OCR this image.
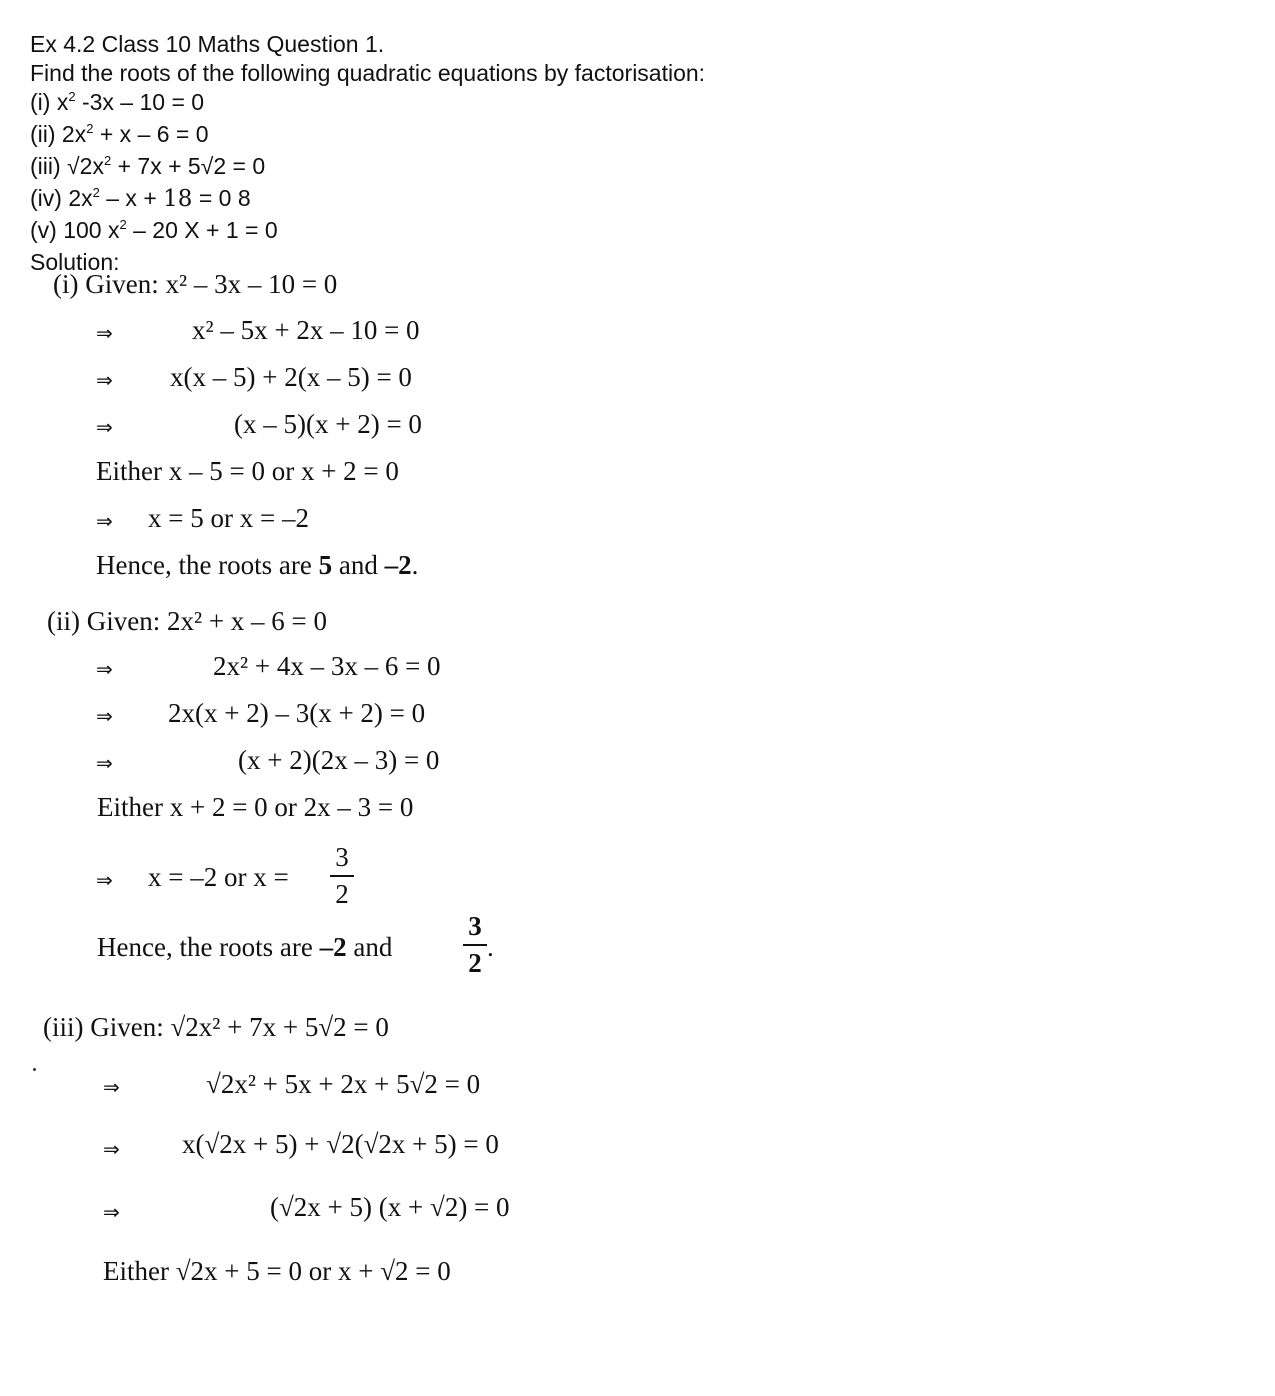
Ex 4.2 Class 10 Maths Question 1.
Find the roots of the following quadratic equations by factorisation:
(i) $x^2$ -3x – 10 = 0
(ii) $2x^2 + x - 6 = 0$
(iii) $√2x^2 + 7x + 5√2 = 0$
(iv) $2x^2 - x + 18 = 0$ 8
(v) 100 $x^2 - 20$ X + 1 = 0
Solution:
(i) Given: x² – 3x – 10 = 0
⇒	x² – 5x + 2x – 10 = 0
⇒ x(x – 5) + 2(x – 5) = 0
⇒	(x – 5)(x + 2) = 0
Either x – 5 = 0 or x + 2 = 0
⇒ x = 5 or x = –2
Hence, the roots are 5 and –2.
(ii) Given: 2x² + x – 6 = 0
⇒	2x² + 4x – 3x – 6 = 0
⇒ 2x(x + 2) – 3(x + 2) = 0
⇒	(x + 2)(2x – 3) = 0
Either x + 2 = 0 or 2x – 3 = 0
⇒ x = –2 or x =
3
2
Hence, the roots are –2 and
3
2
.
(iii) Given: √2x² + 7x + 5√2 = 0
⇒	√2x² + 5x + 2x + 5√2 = 0
⇒ x(√2x + 5) + √2(√2x + 5) = 0
⇒	(√2x + 5) (x + √2) = 0
Either √2x + 5 = 0 or x + √2 = 0
